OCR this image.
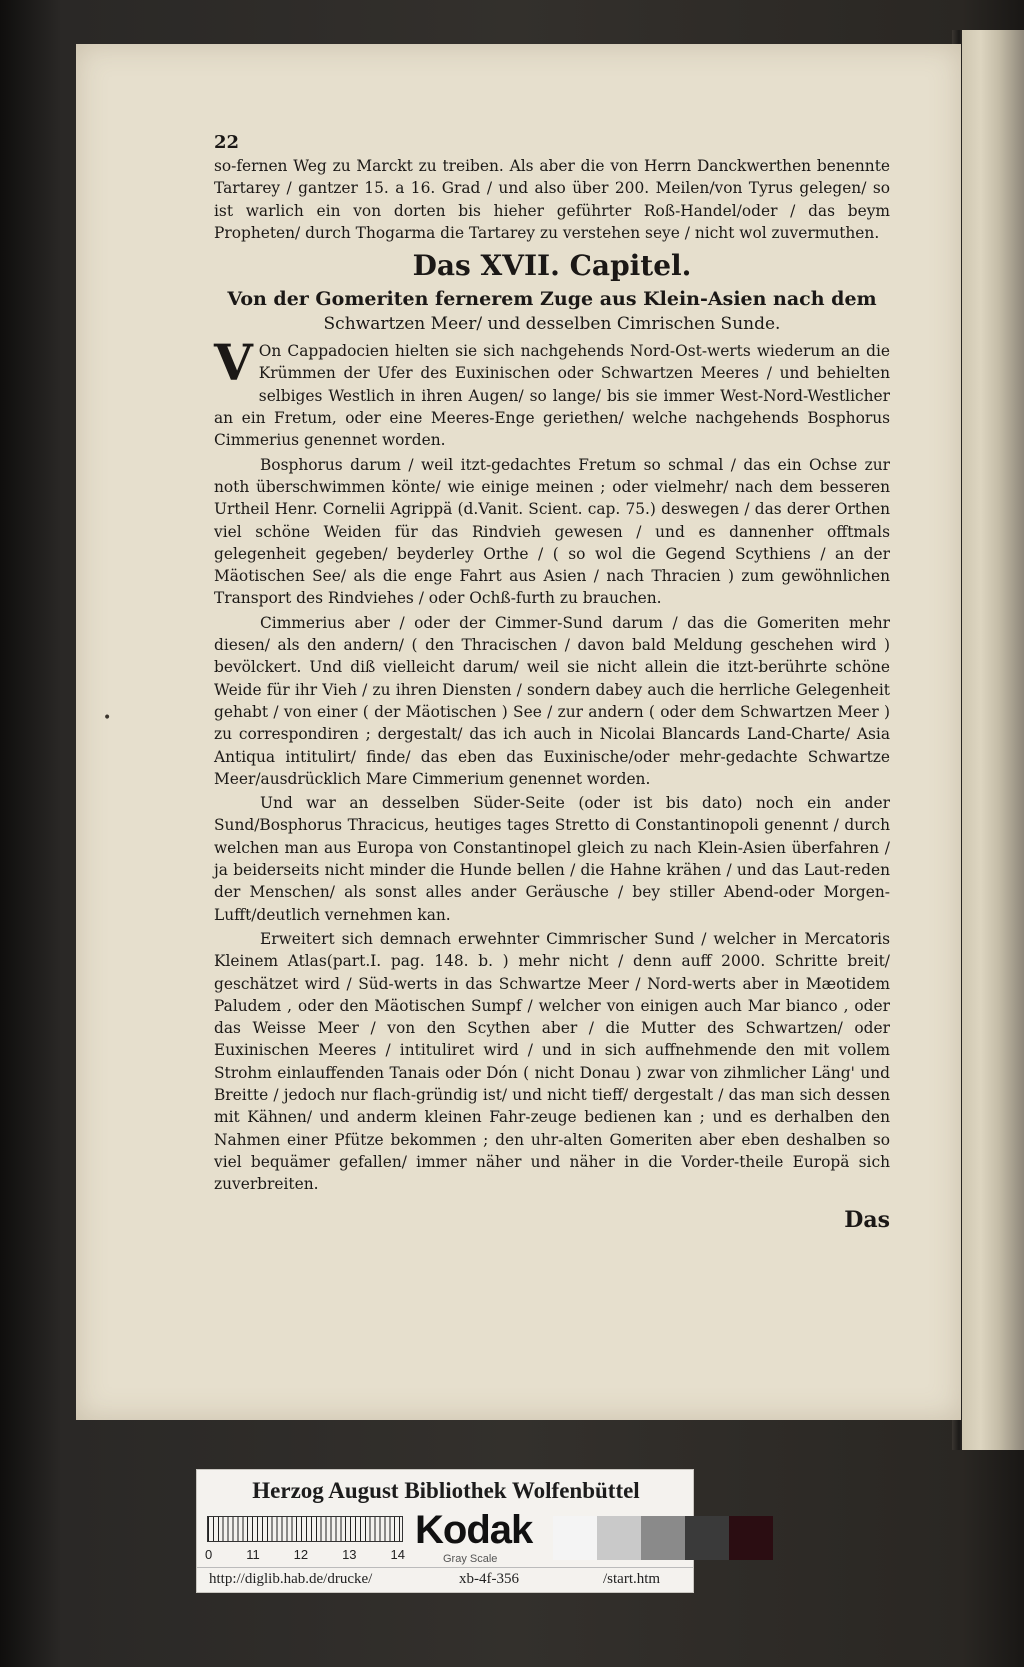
22

so-fernen Weg zu Marckt zu treiben. Als aber die von Herrn Danckwerthen benennte Tartarey / gantzer 15. a 16. Grad / und also über 200. Meilen/von Tyrus gelegen/ so ist warlich ein von dorten bis hieher geführter Roß-Handel/oder / das beym Propheten/ durch Thogarma die Tartarey zu verstehen seye / nicht wol zuvermuthen.

Das XVII. Capitel.
Von der Gomeriten fernerem Zuge aus Klein-Asien nach dem
Schwartzen Meer/ und desselben Cimrischen Sunde.

V On Cappadocien hielten sie sich nachgehends Nord-Ost-werts wiederum an die Krümmen der Ufer des Euxinischen oder Schwartzen Meeres / und behielten selbiges Westlich in ihren Augen/ so lange/ bis sie immer West-Nord-Westlicher an ein Fretum, oder eine Meeres-Enge geriethen/ welche nachgehends Bosphorus Cimmerius genennet worden.

Bosphorus darum / weil itzt-gedachtes Fretum so schmal / das ein Ochse zur noth überschwimmen könte/ wie einige meinen ; oder vielmehr/ nach dem besseren Urtheil Henr. Cornelii Agrippä (d.Vanit. Scient. cap. 75.) deswegen / das derer Orthen viel schöne Weiden für das Rindvieh gewesen / und es dannenher offtmals gelegenheit gegeben/ beyderley Orthe / ( so wol die Gegend Scythiens / an der Mäotischen See/ als die enge Fahrt aus Asien / nach Thracien ) zum gewöhnlichen Transport des Rindviehes / oder Ochß-furth zu brauchen.

Cimmerius aber / oder der Cimmer-Sund darum / das die Gomeriten mehr diesen/ als den andern/ ( den Thracischen / davon bald Meldung geschehen wird ) bevölckert. Und diß vielleicht darum/ weil sie nicht allein die itzt-berührte schöne Weide für ihr Vieh / zu ihren Diensten / sondern dabey auch die herrliche Gelegenheit gehabt / von einer ( der Mäotischen ) See / zur andern ( oder dem Schwartzen Meer ) zu correspondiren ; dergestalt/ das ich auch in Nicolai Blancards Land-Charte/ Asia Antiqua intitulirt/ finde/ das eben das Euxinische/oder mehr-gedachte Schwartze Meer/ausdrücklich Mare Cimmerium genennet worden.

Und war an desselben Süder-Seite (oder ist bis dato) noch ein ander Sund/Bosphorus Thracicus, heutiges tages Stretto di Constantinopoli genennt / durch welchen man aus Europa von Constantinopel gleich zu nach Klein-Asien überfahren / ja beiderseits nicht minder die Hunde bellen / die Hahne krähen / und das Laut-reden der Menschen/ als sonst alles ander Geräusche / bey stiller Abend-oder Morgen-Lufft/deutlich vernehmen kan.

Erweitert sich demnach erwehnter Cimmrischer Sund / welcher in Mercatoris Kleinem Atlas(part.I. pag. 148. b. ) mehr nicht / denn auff 2000. Schritte breit/ geschätzet wird / Süd-werts in das Schwartze Meer / Nord-werts aber in Mæotidem Paludem , oder den Mäotischen Sumpf / welcher von einigen auch Mar bianco , oder das Weisse Meer / von den Scythen aber / die Mutter des Schwartzen/ oder Euxinischen Meeres / intituliret wird / und in sich auffnehmende den mit vollem Strohm einlauffenden Tanais oder Dón ( nicht Donau ) zwar von zihmlicher Läng' und Breitte / jedoch nur flach-gründig ist/ und nicht tieff/ dergestalt / das man sich dessen mit Kähnen/ und anderm kleinen Fahr-zeuge bedienen kan ; und es derhalben den Nahmen einer Pfütze bekommen ; den uhr-alten Gomeriten aber eben deshalben so viel bequämer gefallen/ immer näher und näher in die Vorder-theile Europä sich zuverbreiten.

Das
•
Herzog August Bibliothek Wolfenbüttel
0	11	12	13	14
Kodak
Gray Scale
http://diglib.hab.de/drucke/	xb-4f-356	/start.htm
